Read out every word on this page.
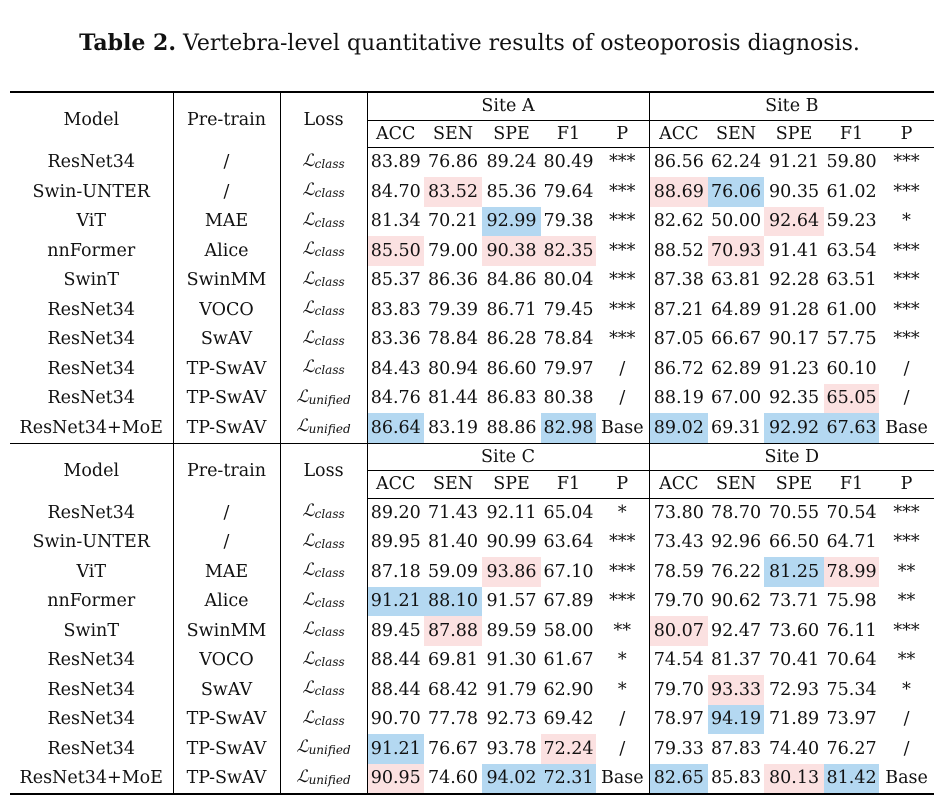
Table 2. Vertebra-level quantitative results of osteoporosis diagnosis.
Model	Pre-train	Loss	Site A					Site B				
			ACC	SEN	SPE	F1	P	ACC	SEN	SPE	F1	P
ResNet34	/	ℒ$_{class}$	83.89	76.86	89.24	80.49	***	86.56	62.24	91.21	59.80	***
Swin-UNTER	/	ℒ$_{class}$	84.70	83.52	85.36	79.64	***	88.69	76.06	90.35	61.02	***
ViT	MAE	ℒ$_{class}$	81.34	70.21	92.99	79.38	***	82.62	50.00	92.64	59.23	*
nnFormer	Alice	ℒ$_{class}$	85.50	79.00	90.38	82.35	***	88.52	70.93	91.41	63.54	***
SwinT	SwinMM	ℒ$_{class}$	85.37	86.36	84.86	80.04	***	87.38	63.81	92.28	63.51	***
ResNet34	VOCO	ℒ$_{class}$	83.83	79.39	86.71	79.45	***	87.21	64.89	91.28	61.00	***
ResNet34	SwAV	ℒ$_{class}$	83.36	78.84	86.28	78.84	***	87.05	66.67	90.17	57.75	***
ResNet34	TP-SwAV	ℒ$_{class}$	84.43	80.94	86.60	79.97	/	86.72	62.89	91.23	60.10	/
ResNet34	TP-SwAV	ℒ$_{unified}$	84.76	81.44	86.83	80.38	/	88.19	67.00	92.35	65.05	/
ResNet34+MoE	TP-SwAV	ℒ$_{unified}$	86.64	83.19	88.86	82.98	Base	89.02	69.31	92.92	67.63	Base
Model	Pre-train	Loss	Site C					Site D				
			ACC	SEN	SPE	F1	P	ACC	SEN	SPE	F1	P
ResNet34	/	ℒ$_{class}$	89.20	71.43	92.11	65.04	*	73.80	78.70	70.55	70.54	***
Swin-UNTER	/	ℒ$_{class}$	89.95	81.40	90.99	63.64	***	73.43	92.96	66.50	64.71	***
ViT	MAE	ℒ$_{class}$	87.18	59.09	93.86	67.10	***	78.59	76.22	81.25	78.99	**
nnFormer	Alice	ℒ$_{class}$	91.21	88.10	91.57	67.89	***	79.70	90.62	73.71	75.98	**
SwinT	SwinMM	ℒ$_{class}$	89.45	87.88	89.59	58.00	**	80.07	92.47	73.60	76.11	***
ResNet34	VOCO	ℒ$_{class}$	88.44	69.81	91.30	61.67	*	74.54	81.37	70.41	70.64	**
ResNet34	SwAV	ℒ$_{class}$	88.44	68.42	91.79	62.90	*	79.70	93.33	72.93	75.34	*
ResNet34	TP-SwAV	ℒ$_{class}$	90.70	77.78	92.73	69.42	/	78.97	94.19	71.89	73.97	/
ResNet34	TP-SwAV	ℒ$_{unified}$	91.21	76.67	93.78	72.24	/	79.33	87.83	74.40	76.27	/
ResNet34+MoE	TP-SwAV	ℒ$_{unified}$	90.95	74.60	94.02	72.31	Base	82.65	85.83	80.13	81.42	Base
